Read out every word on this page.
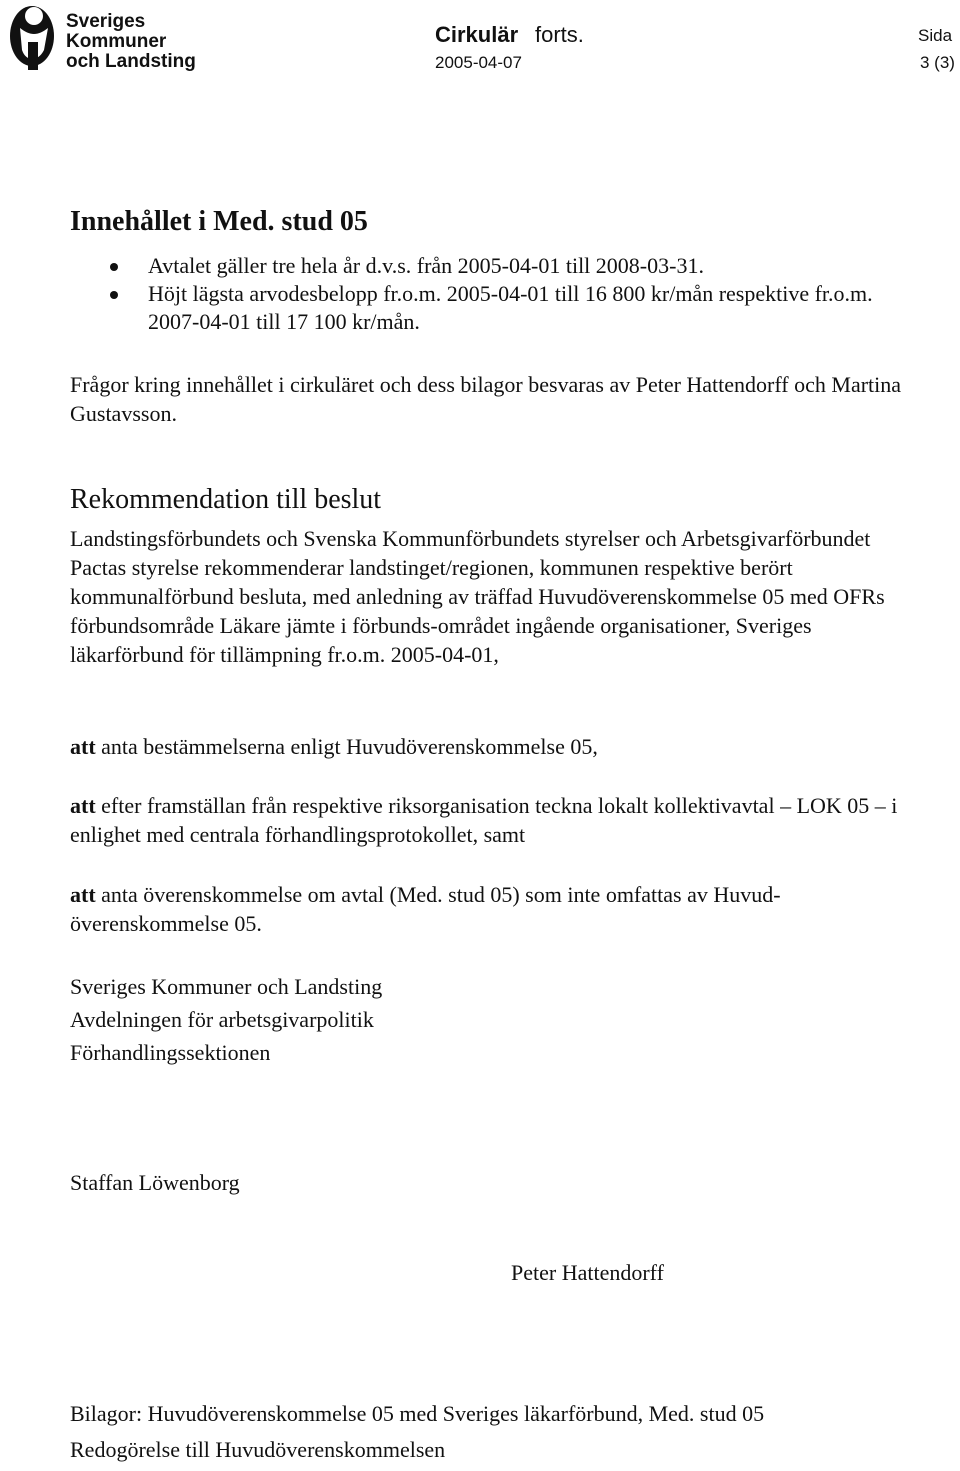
Sveriges
Kommuner
och Landsting
Cirkulär forts.
2005-04-07
Sida
3 (3)
Innehållet i Med. stud 05
Avtalet gäller tre hela år d.v.s. från 2005-04-01 till 2008-03-31.
Höjt lägsta arvodesbelopp fr.o.m. 2005-04-01 till 16 800 kr/mån respektive fr.o.m. 2007-04-01 till 17 100 kr/mån.
Frågor kring innehållet i cirkuläret och dess bilagor besvaras av Peter Hattendorff och Martina Gustavsson.
Rekommendation till beslut
Landstingsförbundets och Svenska Kommunförbundets styrelser och Arbetsgivarförbundet Pactas styrelse rekommenderar landstinget/regionen, kommunen respektive berört kommunalförbund besluta, med anledning av träffad Huvudöverenskommelse 05 med OFRs förbundsområde Läkare jämte i förbunds-området ingående organisationer, Sveriges läkarförbund för tillämpning fr.o.m. 2005-04-01,
att anta bestämmelserna enligt Huvudöverenskommelse 05,
att efter framställan från respektive riksorganisation teckna lokalt kollektivavtal – LOK 05 – i enlighet med centrala förhandlingsprotokollet, samt
att anta överenskommelse om avtal (Med. stud 05) som inte omfattas av Huvud-överenskommelse 05.
Sveriges Kommuner och Landsting
Avdelningen för arbetsgivarpolitik
Förhandlingssektionen
Staffan Löwenborg
Peter Hattendorff
Bilagor: Huvudöverenskommelse 05 med Sveriges läkarförbund, Med. stud 05
Redogörelse till Huvudöverenskommelsen
